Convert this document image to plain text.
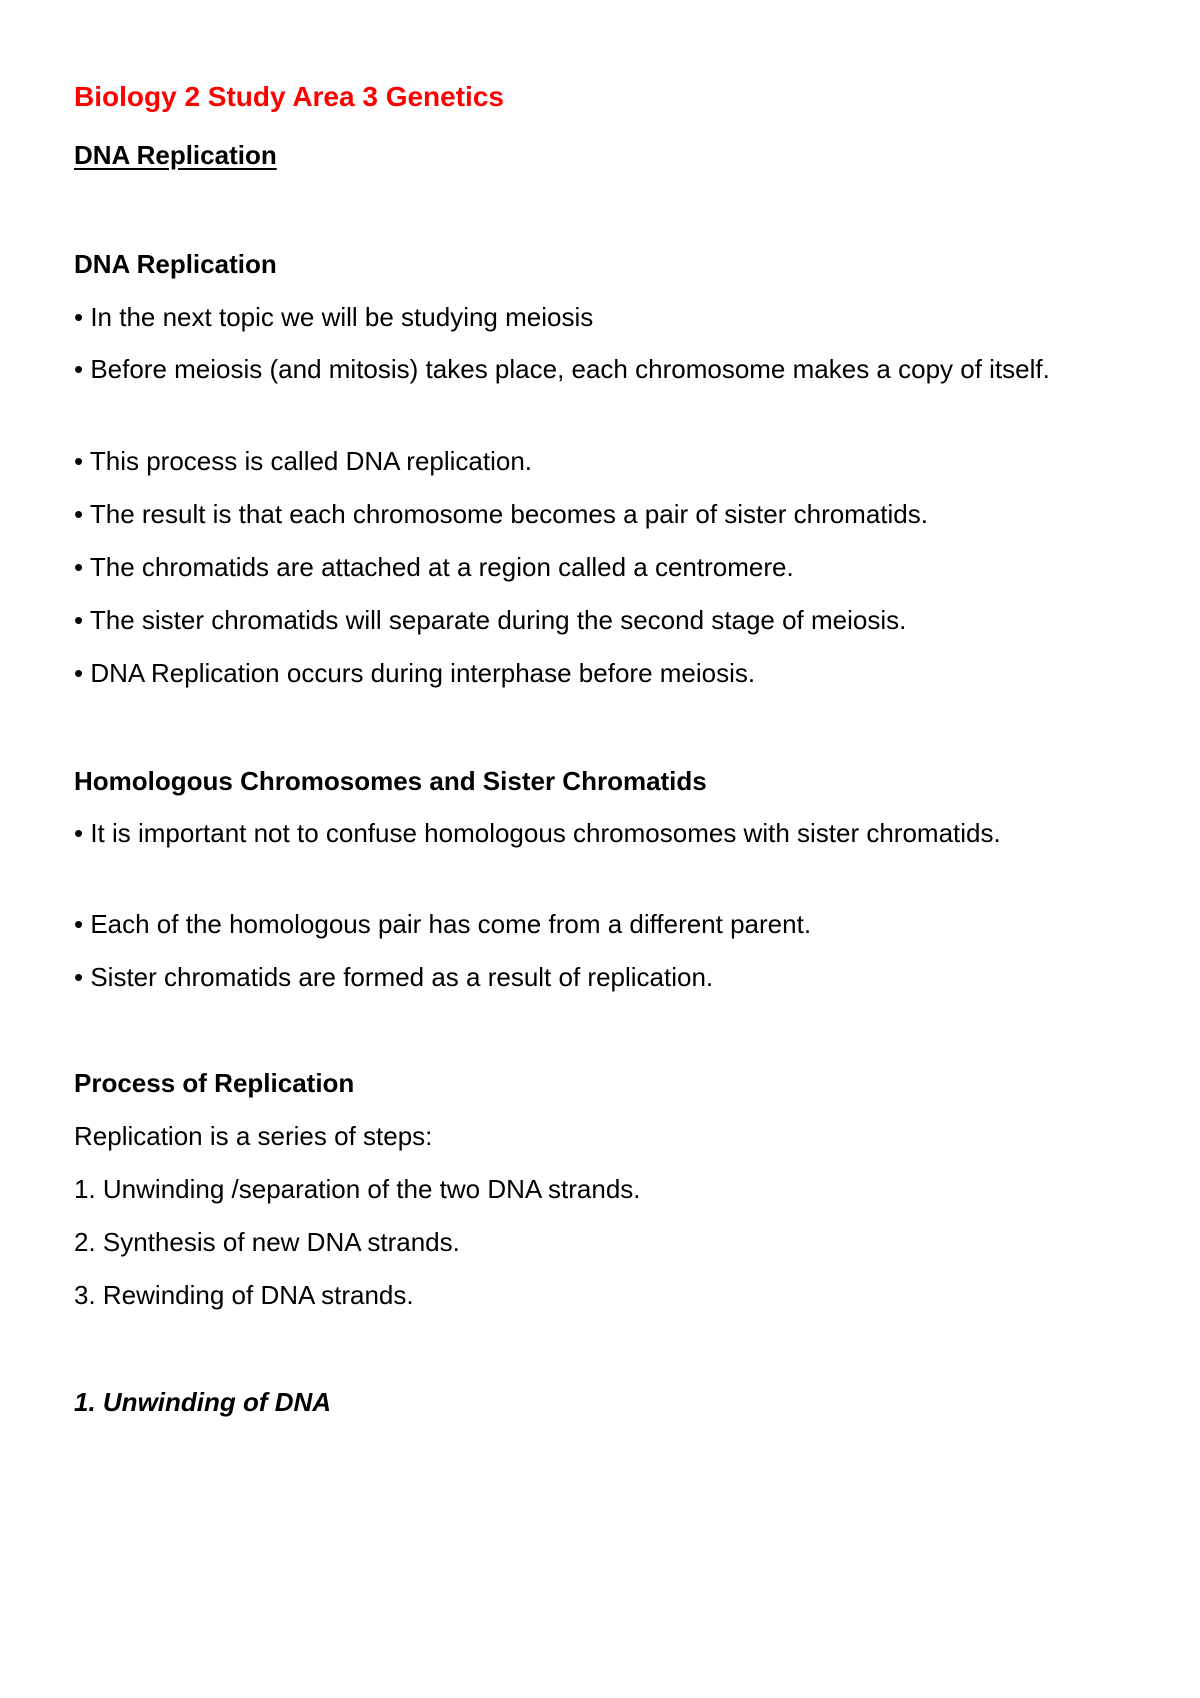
Biology 2 Study Area 3 Genetics
DNA Replication
DNA Replication
• In the next topic we will be studying meiosis
• Before meiosis (and mitosis) takes place, each chromosome makes a copy of itself.
• This process is called DNA replication.
• The result is that each chromosome becomes a pair of sister chromatids.
• The chromatids are attached at a region called a centromere.
• The sister chromatids will separate during the second stage of meiosis.
• DNA Replication occurs during interphase before meiosis.
Homologous Chromosomes and Sister Chromatids
• It is important not to confuse homologous chromosomes with sister chromatids.
• Each of the homologous pair has come from a different parent.
• Sister chromatids are formed as a result of replication.
Process of Replication
Replication is a series of steps:
1. Unwinding /separation of the two DNA strands.
2. Synthesis of new DNA strands.
3. Rewinding of DNA strands.
1. Unwinding of DNA
